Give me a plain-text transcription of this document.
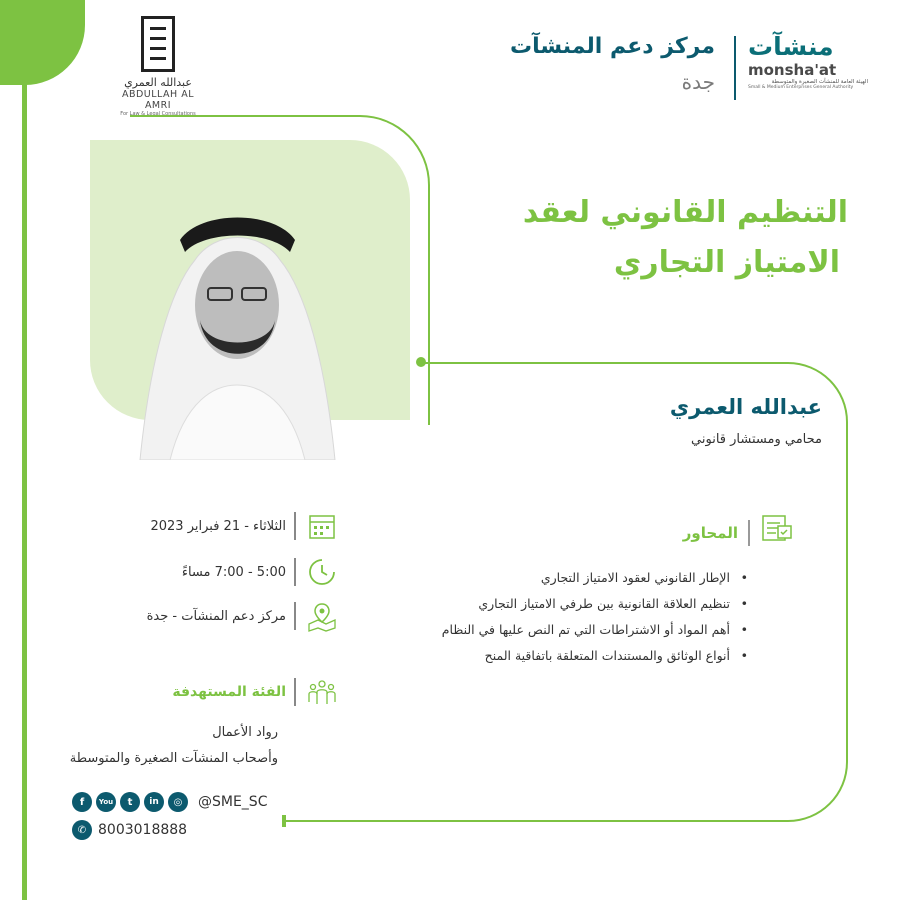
عبدالله العمري
ABDULLAH AL AMRI
For Law & Legal Consultations
مركز دعم المنشآت
جدة
منشآت
monsha'at
الهيئة العامة للمنشآت الصغيرة والمتوسطة
Small & Medium Enterprises General Authority
التنظيم القانوني لعقد
الامتياز التجاري
عبدالله العمري
محامي ومستشار قانوني
المحاور
• الإطار القانوني لعقود الامتياز التجاري
• تنظيم العلاقة القانونية بين طرفي الامتياز التجاري
• أهم المواد أو الاشتراطات التي تم النص عليها في النظام
• أنواع الوثائق والمستندات المتعلقة باتفاقية المنح
الثلاثاء - 21 فبراير 2023
5:00 - 7:00 مساءً
مركز دعم المنشآت - جدة
الفئة المستهدفة
رواد الأعمال
وأصحاب المنشآت الصغيرة والمتوسطة
f	You	t	in	◎	@SME_SC
✆ 8003018888
